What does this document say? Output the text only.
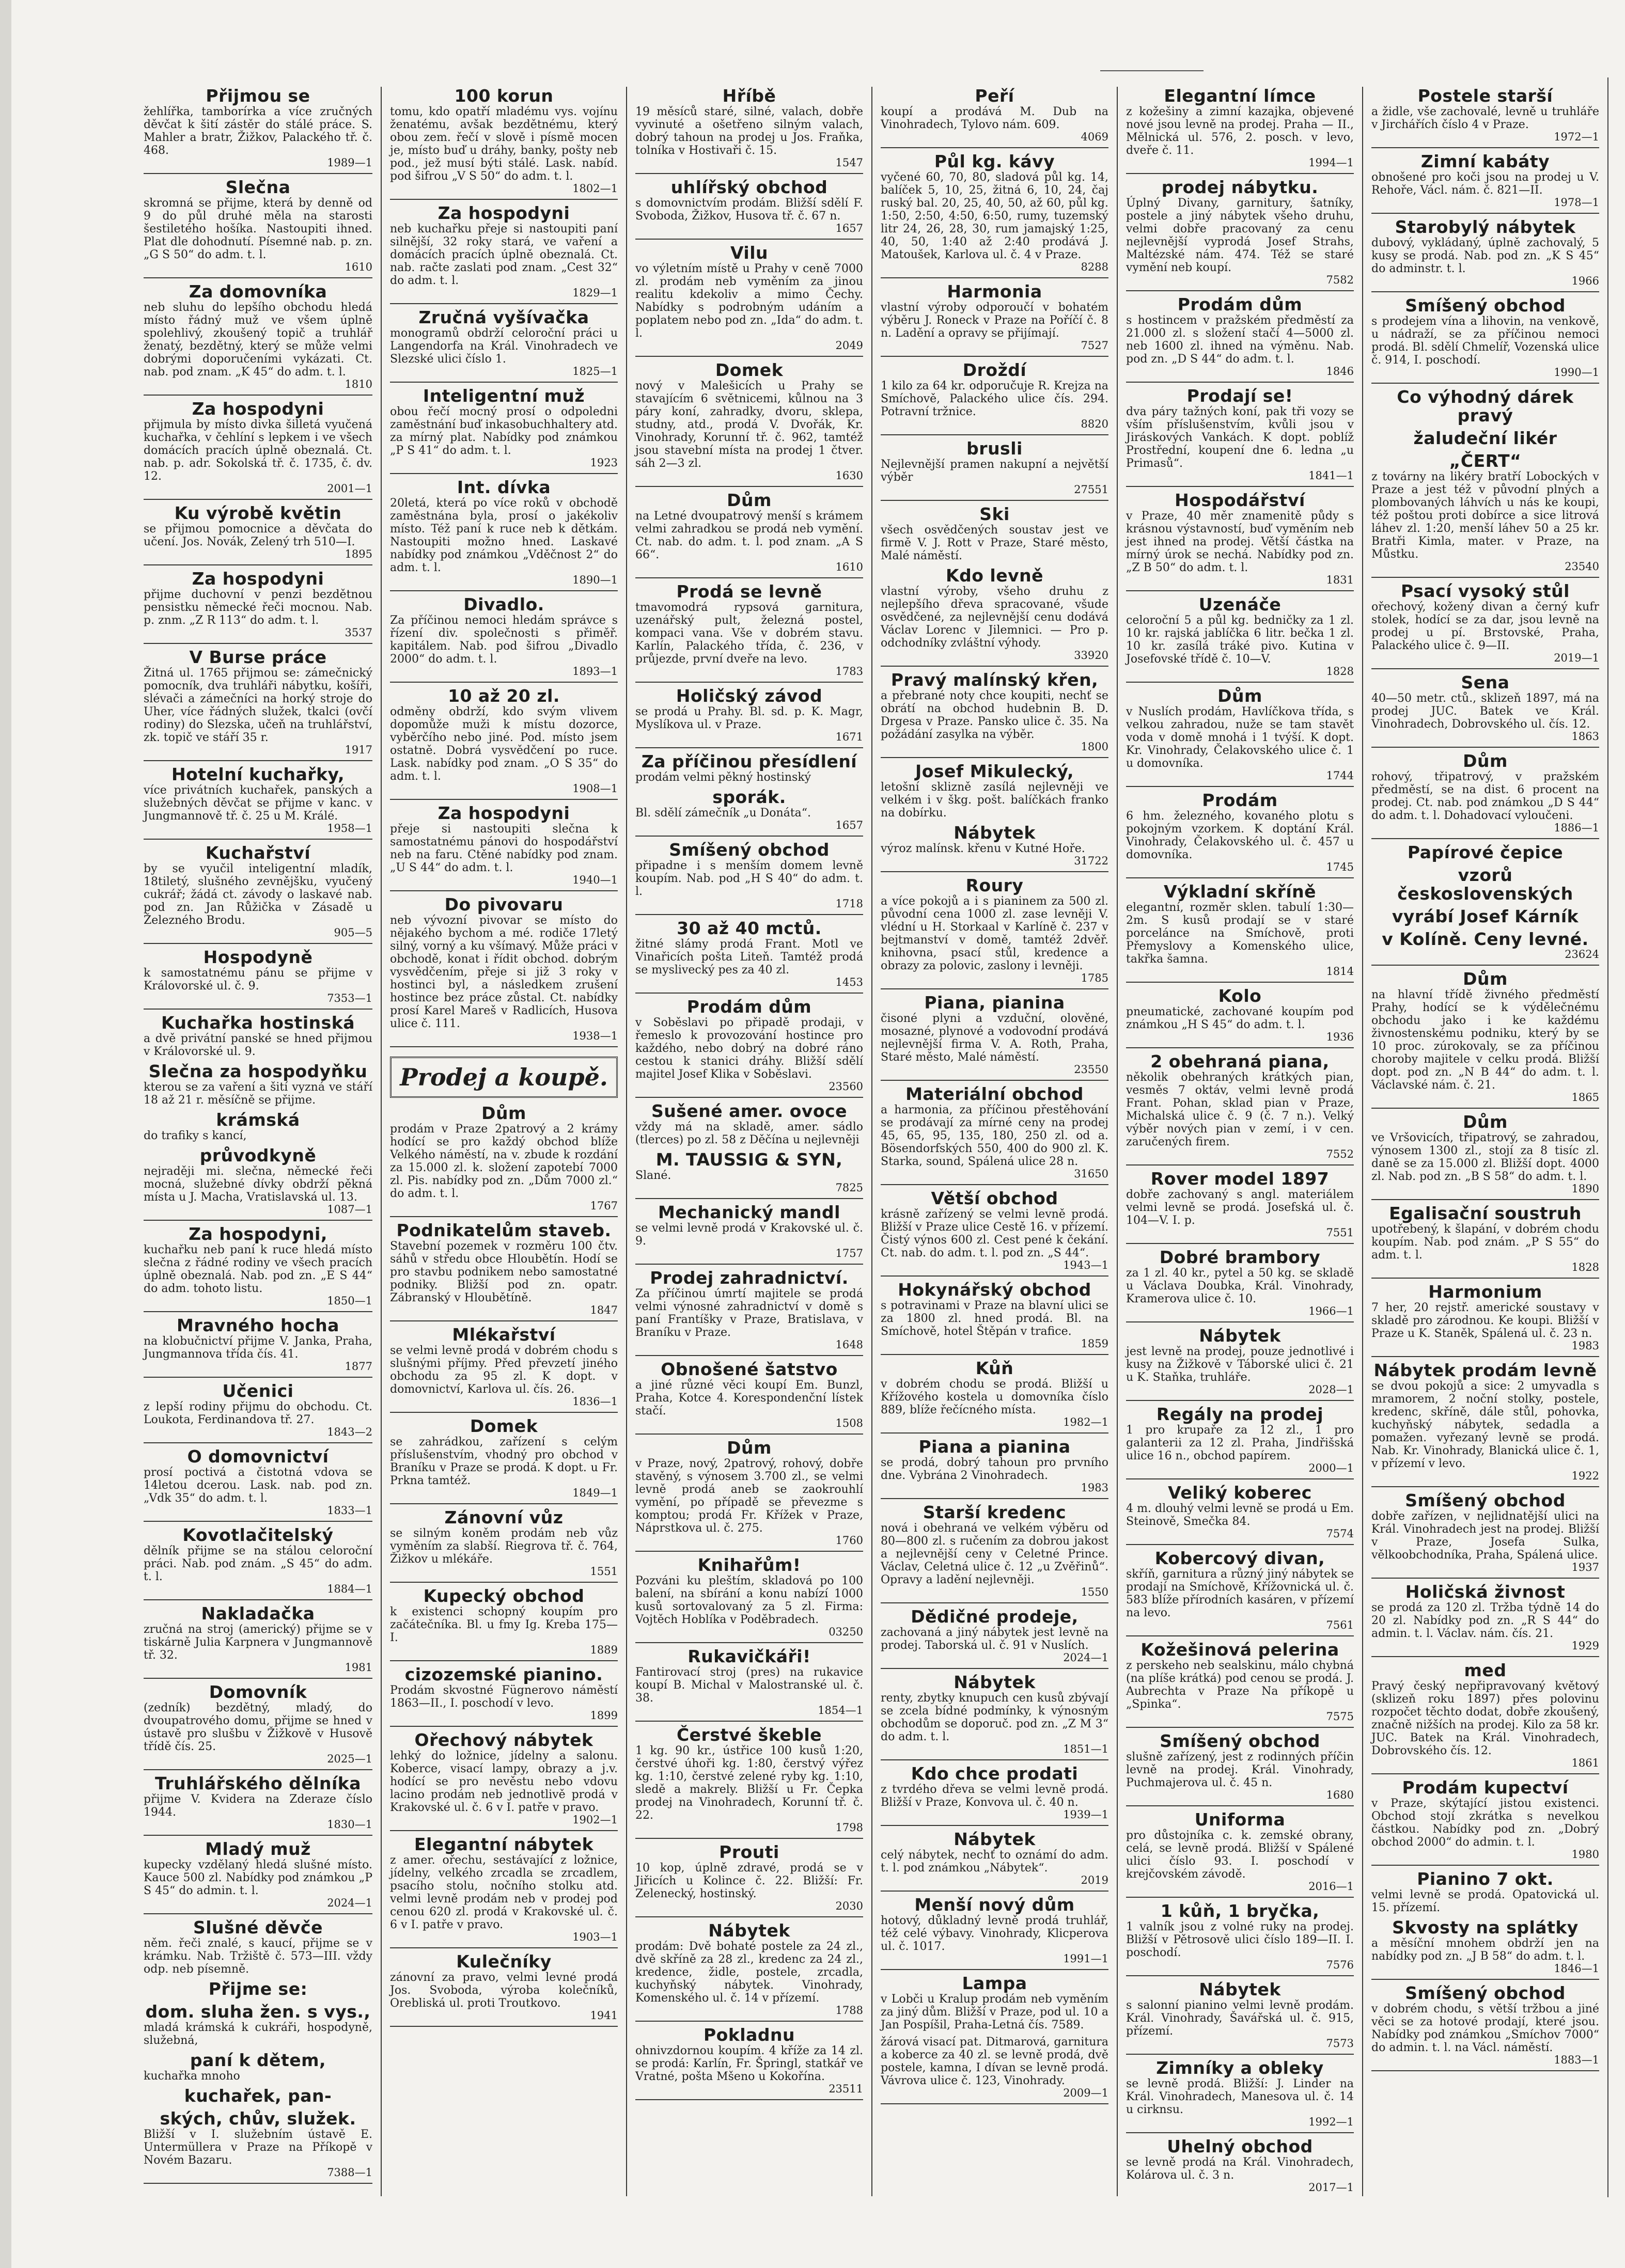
Přijmou se
žehlířka, tamborírka a více zručných děvčat k šití zástěr do stálé práce. S. Mahler a bratr, Žižkov, Palackého tř. č. 468.
1989—1
Slečna
skromná se přijme, která by denně od 9 do půl druhé měla na starosti šestiletého hošíka. Nastoupiti ihned. Plat dle dohodnutí. Písemné nab. p. zn. „G S 50“ do adm. t. l.
1610
Za domovníka
neb sluhu do lepšího obchodu hledá místo řádný muž ve všem úplně spolehlivý, zkoušený topič a truhlář ženatý, bezdětný, který se může velmi dobrými doporučeními vykázati. Ct. nab. pod znam. „K 45“ do adm. t. l.
1810
Za hospodyni
přijmula by místo divka šilletá vyučená kuchařka, v čehlíní s lepkem i ve všech domácích pracích úplně obeznalá. Ct. nab. p. adr. Sokolská tř. č. 1735, č. dv. 12.
2001—1
Ku výrobě květin
se přijmou pomocnice a děvčata do učení. Jos. Novák, Zelený trh 510—I.
1895
Za hospodyni
přijme duchovní v penzi bezdětnou pensistku německé řeči mocnou. Nab. p. znm. „Z R 113“ do adm. t. l.
3537
V Burse práce
Žitná ul. 1765 přijmou se: zámečnický pomocník, dva truhláři nábytku, košíři, slévači a zámečníci na horký stroje do Uher, více řádných služek, tkalci (ovčí rodiny) do Slezska, učeň na truhlářství, zk. topič ve stáří 35 r.
1917
Hotelní kuchařky,
více privátních kuchařek, panských a služebných děvčat se přijme v kanc. v Jungmannově tř. č. 25 u M. Králé.
1958—1
Kuchařství
by se vyučil inteligentní mladík, 18tiletý, slušného zevnějšku, vyučený cukrář; žádá ct. závody o laskavé nab. pod zn. Jan Růžička v Zásadě u Železného Brodu.
905—5
Hospodyně
k samostatnému pánu se přijme v Královorské ul. č. 9.
7353—1
Kuchařka hostinská
a dvě privátní panské se hned přijmou v Královorské ul. 9.
Slečna za hospodyňku
kterou se za vaření a šití vyzná ve stáří 18 až 21 r. měsíčně se přijme.
krámská
do trafiky s kancí,
průvodkyně
nejraději mi. slečna, německé řeči mocná, služebné dívky obdrží pěkná místa u J. Macha, Vratislavská ul. 13.
1087—1
Za hospodyni,
kuchařku neb paní k ruce hledá místo slečna z řádné rodiny ve všech pracích úplně obeznalá. Nab. pod zn. „E S 44“ do adm. tohoto listu.
1850—1
Mravného hocha
na klobučnictví přijme V. Janka, Praha, Jungmannova třída čís. 41.
1877
Učenici
z lepší rodiny přijmu do obchodu. Ct. Loukota, Ferdinandova tř. 27.
1843—2
O domovnictví
prosí poctivá a čistotná vdova se 14letou dcerou. Lask. nab. pod zn. „Vdk 35“ do adm. t. l.
1833—1
Kovotlačitelský
dělník přijme se na stálou celoroční práci. Nab. pod znám. „S 45“ do adm. t. l.
1884—1
Nakladačka
zručná na stroj (americký) přijme se v tiskárně Julia Karpnera v Jungmannově tř. 32.
1981
Domovník
(zedník) bezdětný, mladý, do dvoupatrového domu, přijme se hned v ústavě pro slušbu v Žižkově v Husově třídě čís. 25.
2025—1
Truhlářského dělníka
přijme V. Kvidera na Zderaze číslo 1944.
1830—1
Mladý muž
kupecky vzdělaný hledá slušné místo. Kauce 500 zl. Nabídky pod známkou „P S 45“ do admin. t. l.
2024—1
Slušné děvče
něm. řeči znalé, s kaucí, přijme se v krámku. Nab. Tržiště č. 573—III. vždy odp. neb písemně.
Přijme se:
dom. sluha žen. s vys.,
mladá krámská k cukráři, hospodyně, služebná,
paní k dětem,
kuchařka mnoho
kuchařek, pan-
ských, chův, služek.
Bližší v I. služebním ústavě E. Untermüllera v Praze na Příkopě v Novém Bazaru.
7388—1
100 korun
tomu, kdo opatří mladému vys. vojínu ženatému, avšak bezdětnému, který obou zem. řečí v slově i písmě mocen je, místo buď u dráhy, banky, pošty neb pod., jež musí býti stálé. Lask. nabíd. pod šifrou „V S 50“ do adm. t. l.
1802—1
Za hospodyni
neb kuchařku přeje si nastoupiti paní silnější, 32 roky stará, ve vaření a domácích pracích úplně obeznalá. Ct. nab. račte zaslati pod znam. „Cest 32“ do adm. t. l.
1829—1
Zručná vyšívačka
monogramů obdrží celoroční práci u Langendorfa na Král. Vinohradech ve Slezské ulici číslo 1.
1825—1
Inteligentní muž
obou řečí mocný prosí o odpoledni zaměstnání buď inkasobuchhaltery atd. za mírný plat. Nabídky pod známkou „P S 41“ do adm. t. l.
1923
Int. dívka
20letá, která po více roků v obchodě zaměstnána byla, prosí o jakékoliv místo. Též paní k ruce neb k dětkám. Nastoupiti možno hned. Laskavé nabídky pod známkou „Vděčnost 2“ do adm. t. l.
1890—1
Divadlo.
Za příčinou nemoci hledám správce s řízení div. společnosti s přiměř. kapitálem. Nab. pod šifrou „Divadlo 2000“ do adm. t. l.
1893—1
10 až 20 zl.
odměny obdrží, kdo svým vlivem dopomůže muži k místu dozorce, vyběrčího nebo jiné. Pod. místo jsem ostatně. Dobrá vysvědčení po ruce. Lask. nabídky pod znam. „O S 35“ do adm. t. l.
1908—1
Za hospodyni
přeje si nastoupiti slečna k samostatnému pánovi do hospodářství neb na faru. Ctěné nabídky pod znam. „U S 44“ do adm. t. l.
1940—1
Do pivovaru
neb vývozní pivovar se místo do nějakého bychom a mé. rodiče 17letý silný, vorný a ku všímavý. Může práci v obchodě, konat i řídit obchod. dobrým vysvědčením, přeje si již 3 roky v hostinci byl, a následkem zrušení hostince bez práce zůstal. Ct. nabídky prosí Karel Mareš v Radlicích, Husova ulice č. 111.
1938—1
Prodej a koupě.
Dům
prodám v Praze 2patrový a 2 krámy hodící se pro každý obchod blíže Velkého náměstí, na v. zbude k rozdání za 15.000 zl. k. složení zapotebí 7000 zl. Pis. nabídky pod zn. „Dům 7000 zl.“ do adm. t. l.
1767
Podnikatelům staveb.
Stavební pozemek v rozměru 100 čtv. sáhů v středu obce Hloubětín. Hodí se pro stavbu podnikem nebo samostatné podniky. Bližší pod zn. opatr. Zábranský v Hloubětíně.
1847
Mlékařství
se velmi levně prodá v dobrém chodu s slušnými příjmy. Před převzetí jiného obchodu za 95 zl. K dopt. v domovnictví, Karlova ul. čís. 26.
1836—1
Domek
se zahrádkou, zařízení s celým příslušenstvím, vhodný pro obchod v Braníku v Praze se prodá. K dopt. u Fr. Prkna tamtéž.
1849—1
Zánovní vůz
se silným koněm prodám neb vůz vyměním za slabší. Riegrova tř. č. 764, Žižkov u mlékáře.
1551
Kupecký obchod
k existenci schopný koupím pro začátečníka. Bl. u fmy Ig. Kreba 175—I.
1889
cizozemské pianino.
Prodám skvostné Fügnerovo náměstí 1863—II., I. poschodí v levo.
1899
Ořechový nábytek
lehký do ložnice, jídelny a salonu. Koberce, visací lampy, obrazy a j.v. hodící se pro nevěstu nebo vdovu lacino prodám neb jednotlivě prodá v Krakovské ul. č. 6 v I. patře v pravo.
1902—1
Elegantní nábytek
z amer. ořechu, sestávající z ložnice, jídelny, velkého zrcadla se zrcadlem, psacího stolu, nočního stolku atd. velmi levně prodám neb v prodej pod cenou 620 zl. prodá v Krakovské ul. č. 6 v I. patře v pravo.
1903—1
Kulečníky
zánovní za pravo, velmi levné prodá Jos. Svoboda, výroba kolečníků, Orebliská ul. proti Troutkovo.
1941
Hříbě
19 měsíců staré, silné, valach, dobře vyvinuté a ošetřeno silným valach, dobrý tahoun na prodej u Jos. Fraňka, tolníka v Hostivaři č. 15.
1547
uhlířský obchod
s domovnictvím prodám. Bližší sdělí F. Svoboda, Žižkov, Husova tř. č. 67 n.
1657
Vilu
vo výletním místě u Prahy v ceně 7000 zl. prodám neb vyměním za jinou realitu kdekoliv a mimo Čechy. Nabídky s podrobným udáním a poplatem nebo pod zn. „Ida“ do adm. t. l.
2049
Domek
nový v Malešicích u Prahy se stavajícím 6 světnicemi, kůlnou na 3 páry koní, zahradky, dvoru, sklepa, studny, atd., prodá V. Dvořák, Kr. Vinohrady, Korunní tř. č. 962, tamtéž jsou stavební místa na prodej 1 čtver. sáh 2—3 zl.
1630
Dům
na Letné dvoupatrový menší s krámem velmi zahradkou se prodá neb vymění. Ct. nab. do adm. t. l. pod znam. „A S 66“.
1610
Prodá se levně
tmavomodrá rypsová garnitura, uzenářský pult, železná postel, kompaci vana. Vše v dobrém stavu. Karlín, Palackého třída, č. 236, v průjezde, první dveře na levo.
1783
Holičský závod
se prodá u Prahy. Bl. sd. p. K. Magr, Myslíkova ul. v Praze.
1671
Za příčinou přesídlení
prodám velmi pěkný hostinský
sporák.
Bl. sdělí zámečník „u Donáta“.
1657
Smíšený obchod
připadne i s menším domem levně koupím. Nab. pod „H S 40“ do adm. t. l.
1718
30 až 40 mctů.
žitné slámy prodá Frant. Motl ve Vinařicích pošta Liteň. Tamtéž prodá se myslivecký pes za 40 zl.
1453
Prodám dům
v Soběslavi po připadě prodaji, v řemeslo k provozování hostince pro každého, nebo dobrý na dobré ráno cestou k stanici dráhy. Bližší sdělí majitel Josef Klika v Soběslavi.
23560
Sušené amer. ovoce
vždy má na skladě, amer. sádlo (tlerces) po zl. 58 z Děčína u nejlevněji
M. TAUSSIG & SYN,
Slané.
7825
Mechanický mandl
se velmi levně prodá v Krakovské ul. č. 9.
1757
Prodej zahradnictví.
Za příčinou úmrtí majitele se prodá velmi výnosné zahradnictví v domě s paní Frantíšky v Praze, Bratislava, v Braníku v Praze.
1648
Obnošené šatstvo
a jiné různé věci koupí Em. Bunzl, Praha, Kotce 4. Korespondenční lístek stačí.
1508
Dům
v Praze, nový, 2patrový, rohový, dobře stavěný, s výnosem 3.700 zl., se velmi levně prodá aneb se zaokrouhlí vymění, po případě se převezme s komptou; prodá Fr. Křížek v Praze, Náprstkova ul. č. 275.
1760
Knihařům!
Pozváni ku pleštím, skladová po 100 balení, na sbírání a konu nabízí 1000 kusů sortovalovaný za 5 zl. Firma: Vojtěch Hoblíka v Poděbradech.
03250
Rukavičkáři!
Fantirovací stroj (pres) na rukavice koupí B. Michal v Malostranské ul. č. 38.
1854—1
Čerstvé škeble
1 kg. 90 kr., ústřice 100 kusů 1:20, čerstvé úhoři kg. 1:80, čerstvý výřez kg. 1:10, čerstvé zelené ryby kg. 1:10, sledě a makrely. Bližší u Fr. Čepka prodej na Vinohradech, Korunní tř. č. 22.
1798
Prouti
10 kop, úplně zdravé, prodá se v Jiřicích u Kolince č. 22. Bližší: Fr. Zelenecký, hostinský.
2030
Nábytek
prodám: Dvě bohaté postele za 24 zl., dvě skříně za 28 zl., kredenc za 24 zl., kredence, židle, postele, zrcadla, kuchyňský nábytek. Vinohrady, Komenského ul. č. 14 v přízemí.
1788
Pokladnu
ohnivzdornou koupím. 4 kříže za 14 zl. se prodá: Karlín, Fr. Špringl, statkář ve Vratné, pošta Mšeno u Kokořína.
23511
Peří
koupí a prodává M. Dub na Vinohradech, Tylovo nám. 609.
4069
Půl kg. kávy
vyčené 60, 70, 80, sladová půl kg. 14, balíček 5, 10, 25, žitná 6, 10, 24, čaj ruský bal. 20, 25, 40, 50, až 60, půl kg. 1:50, 2:50, 4:50, 6:50, rumy, tuzemský litr 24, 26, 28, 30, rum jamajský 1:25, 40, 50, 1:40 až 2:40 prodává J. Matoušek, Karlova ul. č. 4 v Praze.
8288
Harmonia
vlastní výroby odporoučí v bohatém výběru J. Roneck v Praze na Poříčí č. 8 n. Ladění a opravy se přijímají.
7527
Droždí
1 kilo za 64 kr. odporučuje R. Krejza na Smíchově, Palackého ulice čís. 294. Potravní tržnice.
8820
brusli
Nejlevnější pramen nakupní a největší výběr
27551
Ski
všech osvědčených soustav jest ve firmě V. J. Rott v Praze, Staré město, Malé náměstí.
Kdo levně
vlastní výroby, všeho druhu z nejlepšího dřeva spracované, všude osvědčené, za nejlevnější cenu dodává Václav Lorenc v Jilemnici. — Pro p. odchodníky zvláštní výhody.
33920
Pravý malínský křen,
a přebrané noty chce koupiti, nechť se obrátí na obchod hudebnin B. D. Drgesa v Praze. Pansko ulice č. 35. Na požádání zasylka na výběr.
1800
Josef Mikulecký,
letošní sklizně zasílá nejlevněji ve velkém i v škg. pošt. balíčkách franko na dobírku.
Nábytek
výroz malínsk. křenu v Kutné Hoře.
31722
Roury
a více pokojů a i s pianinem za 500 zl. původní cena 1000 zl. zase levněji V. vlédní u H. Storkaal v Karlíně č. 237 v bejtmanství v domě, tamtéž 2dvěř. knihovna, psací stůl, kredence a obrazy za polovic, zaslony i levněji.
1785
Piana, pianina
čisoné plyni a vzduční, olověné, mosazné, plynové a vodovodní prodává nejlevnější firma V. A. Roth, Praha, Staré město, Malé náměstí.
23550
Materiální obchod
a harmonia, za příčinou přestěhování se prodávají za mírné ceny na prodej 45, 65, 95, 135, 180, 250 zl. od a. Bösendorfských 550, 400 do 900 zl. K. Starka, sound, Spálená ulice 28 n.
31650
Větší obchod
krásně zařízený se velmi levně prodá. Bližší v Praze ulice Cestě 16. v přízemí. Čistý výnos 600 zl. Cest pené k čekání. Ct. nab. do adm. t. l. pod zn. „S 44“.
1943—1
Hokynářský obchod
s potravinami v Praze na blavní ulici se za 1800 zl. hned prodá. Bl. na Smíchově, hotel Štěpán v trafice.
1859
Kůň
v dobrém chodu se prodá. Bližší u Křížového kostela u domovníka číslo 889, blíže řečícného místa.
1982—1
Piana a pianina
se prodá, dobrý tahoun pro prvního dne. Vybrána 2 Vinohradech.
1983
Starší kredenc
nová i obehraná ve velkém výběru od 80—800 zl. s ručením za dobrou jakost a nejlevnější ceny v Celetné Prince. Václav, Celetná ulice č. 12 „u Zvěřinů“. Opravy a ladění nejlevněji.
1550
Dědičné prodeje,
zachovaná a jiný nábytek jest levně na prodej. Taborská ul. č. 91 v Nuslích.
2024—1
Nábytek
renty, zbytky knupuch cen kusů zbývají se zcela bídné podmínky, k výnosným obchodům se doporuč. pod zn. „Z M 3“ do adm. t. l.
1851—1
Kdo chce prodati
z tvrdého dřeva se velmi levně prodá. Bližší v Praze, Konvova ul. č. 40 n.
1939—1
Nábytek
celý nábytek, nechť to oznámí do adm. t. l. pod známkou „Nábytek“.
2019
Menší nový dům
hotový, důkladný levně prodá truhlář, též celé výbavy. Vinohrady, Klicperova ul. č. 1017.
1991—1
Lampa
v Lobči u Kralup prodám neb vyměním za jiný dům. Bližší v Praze, pod ul. 10 a Jan Pospíšil, Praha-Letná čís. 7589.
žárová visací pat. Ditmarová, garnitura a koberce za 40 zl. se levně prodá, dvě postele, kamna, I dívan se levně prodá. Vávrova ulice č. 123, Vinohrady.
2009—1
Elegantní límce
z kožešiny a zimní kazajka, objevené nové jsou levně na prodej. Praha — II., Mělnická ul. 576, 2. posch. v levo, dveře č. 11.
1994—1
prodej nábytku.
Úplný Divany, garnitury, šatníky, postele a jiný nábytek všeho druhu, velmi dobře pracovaný za cenu nejlevnější vyprodá Josef Strahs, Maltézské nám. 474. Též se staré vymění neb koupí.
7582
Prodám dům
s hostincem v pražském předměstí za 21.000 zl. s složení stačí 4—5000 zl. neb 1600 zl. ihned na výměnu. Nab. pod zn. „D S 44“ do adm. t. l.
1846
Prodají se!
dva páry tažných koní, pak tři vozy se vším příslušenstvím, kvůli jsou v Jiráskových Vankách. K dopt. poblíž Prostřední, koupení dne 6. ledna „u Primasů“.
1841—1
Hospodářství
v Praze, 40 měr znamenitě půdy s krásnou výstavností, buď vyměním neb jest ihned na prodej. Větší částka na mírný úrok se nechá. Nabídky pod zn. „Z B 50“ do adm. t. l.
1831
Uzenáče
celoroční 5 a půl kg. bedničky za 1 zl. 10 kr. rajská jablíčka 6 litr. bečka 1 zl. 10 kr. zasílá tráké pivo. Kutina v Josefovské třídě č. 10—V.
1828
Dům
v Nuslích prodám, Havlíčkova třída, s velkou zahradou, nuže se tam stavět voda v domě mnohá i 1 tvýší. K dopt. Kr. Vinohrady, Čelakovského ulice č. 1 u domovníka.
1744
Prodám
6 hm. železného, kovaného plotu s pokojným vzorkem. K doptání Král. Vinohrady, Čelakovského ul. č. 457 u domovníka.
1745
Výkladní skříně
elegantní, rozměr sklen. tabulí 1:30—2m. S kusů prodají se v staré porcelánce na Smíchově, proti Přemyslovy a Komenského ulice, takřka šamna.
1814
Kolo
pneumatické, zachované koupím pod známkou „H S 45“ do adm. t. l.
1936
2 obehraná piana,
několik obehraných krátkých pian, vesměs 7 oktáv, velmi levně prodá Frant. Pohan, sklad pian v Praze, Michalská ulice č. 9 (č. 7 n.). Velký výběr nových pian v zemí, i v cen. zaručených firem.
7552
Rover model 1897
dobře zachovaný s angl. materiálem velmi levně se prodá. Josefská ul. č. 104—V. I. p.
7551
Dobré brambory
za 1 zl. 40 kr., pytel a 50 kg. se skladě u Václava Doubka, Král. Vinohrady, Kramerova ulice č. 10.
1966—1
Nábytek
jest levně na prodej, pouze jednotlivé i kusy na Žižkově v Táborské ulici č. 21 u K. Staňka, truhláře.
2028—1
Regály na prodej
1 pro krupaře za 12 zl., 1 pro galanterii za 12 zl. Praha, Jindřišská ulice 16 n., obchod papírem.
2000—1
Veliký koberec
4 m. dlouhý velmi levně se prodá u Em. Steinově, Smečka 84.
7574
Kobercový divan,
skříň, garnitura a různý jiný nábytek se prodají na Smíchově, Křížovnická ul. č. 583 blíže přírodních kasáren, v přízemí na levo.
7561
Kožešinová pelerina
z perskeho neb sealskinu, málo chybná (na plíše krátká) pod cenou se prodá. J. Aubrechta v Praze Na příkopě u „Spinka“.
7575
Smíšený obchod
slušně zařízený, jest z rodinných příčin levně na prodej. Král. Vinohrady, Puchmajerova ul. č. 45 n.
1680
Uniforma
pro důstojníka c. k. zemské obrany, celá, se levně prodá. Bližší v Spálené ulici číslo 93. I. poschodí v krejčovském závodě.
2016—1
1 kůň, 1 bryčka,
1 valník jsou z volné ruky na prodej. Bližší v Pětrosově ulici číslo 189—II. I. poschodí.
7576
Nábytek
s salonní pianino velmi levně prodám. Král. Vinohrady, Šavářská ul. č. 915, přízemí.
7573
Zimníky a obleky
se levně prodá. Bližší: J. Linder na Král. Vinohradech, Manesova ul. č. 14 u cirknsu.
1992—1
Uhelný obchod
se levně prodá na Král. Vinohradech, Kolárova ul. č. 3 n.
2017—1
Postele starší
a židle, vše zachovalé, levně u truhláře v Jirchářích číslo 4 v Praze.
1972—1
Zimní kabáty
obnošené pro koči jsou na prodej u V. Rehoře, Václ. nám. č. 821—II.
1978—1
Starobylý nábytek
dubový, vykládaný, úplně zachovalý, 5 kusy se prodá. Nab. pod zn. „K S 45“ do adminstr. t. l.
1966
Smíšený obchod
s prodejem vína a lihovin, na venkově, u nádraží, se za příčinou nemoci prodá. Bl. sdělí Chmelíř, Vozenská ulice č. 914, I. poschodí.
1990—1
Co výhodný dárek pravý
žaludeční likér
„ČERT“
z továrny na likéry bratří Lobockých v Praze a jest též v původní plných a plombovaných láhvích u nás ke koupi, též poštou proti dobírce a sice litrová láhev zl. 1:20, menší láhev 50 a 25 kr. Bratři Kimla, mater. v Praze, na Můstku.
23540
Psací vysoký stůl
ořechový, kožený divan a černý kufr stolek, hodící se za dar, jsou levně na prodej u pí. Brstovské, Praha, Palackého ulice č. 9—II.
2019—1
Sena
40—50 metr. ctů., sklizeň 1897, má na prodej JUC. Batek ve Král. Vinohradech, Dobrovského ul. čís. 12.
1863
Dům
rohový, třipatrový, v pražském předměstí, se na dist. 6 procent na prodej. Ct. nab. pod známkou „D S 44“ do adm. t. l. Dohadovací vyloučeni.
1886—1
Papírové čepice
vzorů československých
vyrábí Josef Kárník
v Kolíně. Ceny levné.
23624
Dům
na hlavní třídě živného předměstí Prahy, hodící se k výdělečnému obchodu jako i ke každému živnostenskému podniku, který by se 10 proc. zúrokovaly, se za příčinou choroby majitele v celku prodá. Bližší dopt. pod zn. „N B 44“ do adm. t. l. Václavské nám. č. 21.
1865
Dům
ve Vršovicích, třipatrový, se zahradou, výnosem 1300 zl., stojí za 8 tisíc zl. daně se za 15.000 zl. Bližší dopt. 4000 zl. Nab. pod zn. „B S 58“ do adm. t. l.
1890
Egalisační soustruh
upotřebený, k šlapání, v dobrém chodu koupím. Nab. pod znám. „P S 55“ do adm. t. l.
1828
Harmonium
7 her, 20 rejstř. americké soustavy v skladě pro zárodnou. Ke koupi. Bližší v Praze u K. Staněk, Spálená ul. č. 23 n.
1983
Nábytek prodám levně
se dvou pokojů a sice: 2 umyvadla s mramorem, 2 noční stolky, postele, kredenc, skříně, dále stůl, pohovka, kuchyňský nábytek, sedadla a pomažen. vyřezaný levně se prodá. Nab. Kr. Vinohrady, Blanická ulice č. 1, v přízemí v levo.
1922
Smíšený obchod
dobře zařízen, v nejlidnatější ulici na Král. Vinohradech jest na prodej. Bližší v Praze, Josefa Sulka, vělkoobchodníka, Praha, Spálená ulice.
1937
Holičská živnost
se prodá za 120 zl. Tržba týdně 14 do 20 zl. Nabídky pod zn. „R S 44“ do admin. t. l. Václav. nám. čís. 21.
1929
med
Pravý český nepřipravovaný květový (sklizeň roku 1897) přes polovinu rozpočet těchto dodat, dobře zkoušený, značně nižších na prodej. Kilo za 58 kr. JUC. Batek na Král. Vinohradech, Dobrovského čís. 12.
1861
Prodám kupectví
v Praze, skýtající jistou existenci. Obchod stojí zkrátka s nevelkou částkou. Nabídky pod zn. „Dobrý obchod 2000“ do admin. t. l.
1980
Pianino 7 okt.
velmi levně se prodá. Opatovická ul. 15. přízemí.
Skvosty na splátky
a měsíční mnohem obdrží jen na nabídky pod zn. „J B 58“ do adm. t. l.
1846—1
Smíšený obchod
v dobrém chodu, s větší tržbou a jiné věci se za hotové prodají, které jsou. Nabídky pod známkou „Smíchov 7000“ do admin. t. l. na Václ. náměstí.
1883—1
